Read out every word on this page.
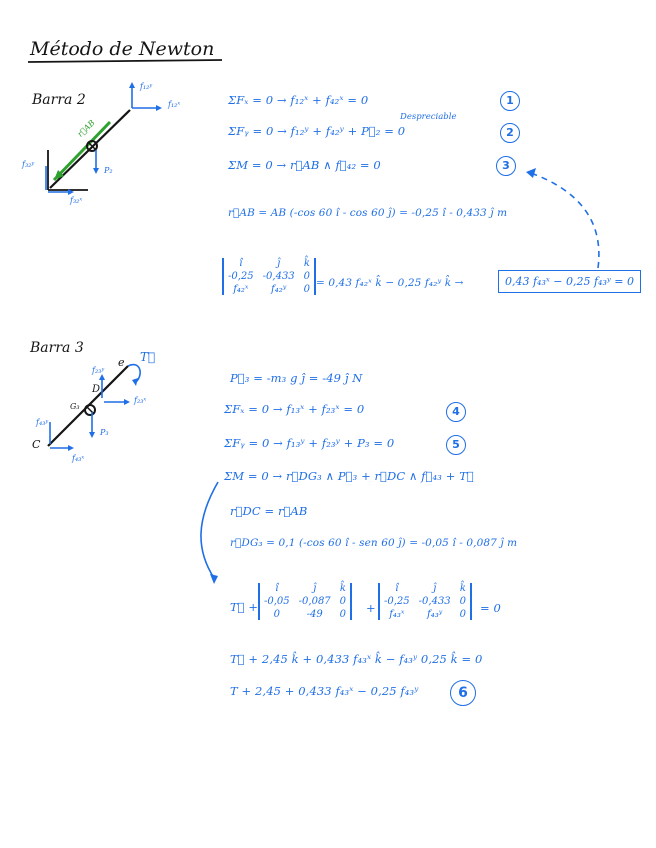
Método de Newton
Barra 2
f₁₂ʸ
f₁₂ˣ
f₃₂ʸ
f₃₂ˣ
r⃗AB
P₂
ΣFₓ = 0 → f₁₂ˣ + f₄₂ˣ = 0
ΣFᵧ = 0 → f₁₂ʸ + f₄₂ʸ + P⃗₂ = 0
Despreciable
ΣM = 0 → r⃗AB ∧ f⃗₄₂ = 0
1
2
3
r⃗AB = AB (-cos 60 î - cos 60 ĵ) = -0,25 î - 0,433 ĵ m
î	ĵ	k̂
-0,25 -0,433 0
f₄₂ˣ	f₄₂ʸ	0
= 0,43 f₄₂ˣ k̂ − 0,25 f₄₂ʸ k̂ →	0,43 f₄₃ˣ − 0,25 f₄₃ʸ = 0
Barra 3
f₂₃ʸ
e T⃗
D
f₂₃ˣ
G₃
f₄₃ʸ
P₃
C
f₄₃ˣ
P⃗₃ = -m₃ g ĵ = -49 ĵ N
ΣFₓ = 0 → f₁₃ˣ + f₂₃ˣ = 0
ΣFᵧ = 0 → f₁₃ʸ + f₂₃ʸ + P₃ = 0
ΣM = 0 → r⃗DG₃ ∧ P⃗₃ + r⃗DC ∧ f⃗₄₃ + T⃗
4
5
r⃗DC = r⃗AB
r⃗DG₃ = 0,1 (-cos 60 î - sen 60 ĵ) = -0,05 î - 0,087 ĵ m
T⃗ +
î	ĵ	k̂
-0,05 -0,087 0
0	-49	0 +
î	ĵ	k̂
-0,25 -0,433 0
f₄₃ˣ	f₄₃ʸ	0 = 0
T⃗ + 2,45 k̂ + 0,433 f₄₃ˣ k̂ − f₄₃ʸ 0,25 k̂ = 0
T + 2,45 + 0,433 f₄₃ˣ − 0,25 f₄₃ʸ	6
